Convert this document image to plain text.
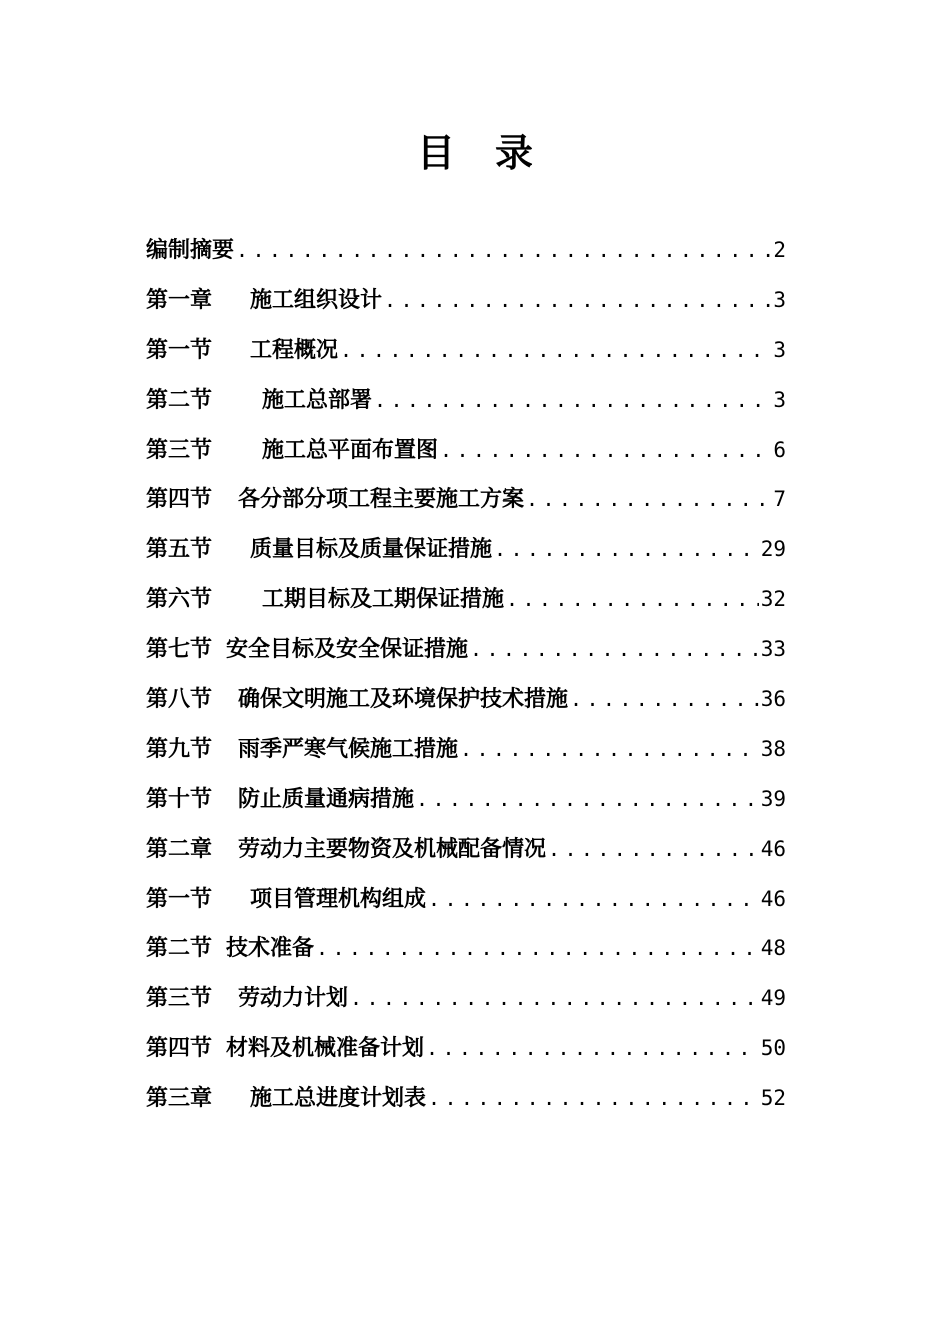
目 录
编制摘要 .....	2
第一章 施工组织设计 .....	3
第一节 工程概况 .....	3
第二节 施工总部署 .....	3
第三节 施工总平面布置图 .....	6
第四节 各分部分项工程主要施工方案 .....	7
第五节 质量目标及质量保证措施 .....	29
第六节 工期目标及工期保证措施 .....	32
第七节 安全目标及安全保证措施 .....	33
第八节 确保文明施工及环境保护技术措施 .....	36
第九节 雨季严寒气候施工措施 .....	38
第十节 防止质量通病措施 .....	39
第二章 劳动力主要物资及机械配备情况 .....	46
第一节 项目管理机构组成 .....	46
第二节 技术准备 .....	48
第三节 劳动力计划 .....	49
第四节 材料及机械准备计划 .....	50
第三章 施工总进度计划表 .....	52
